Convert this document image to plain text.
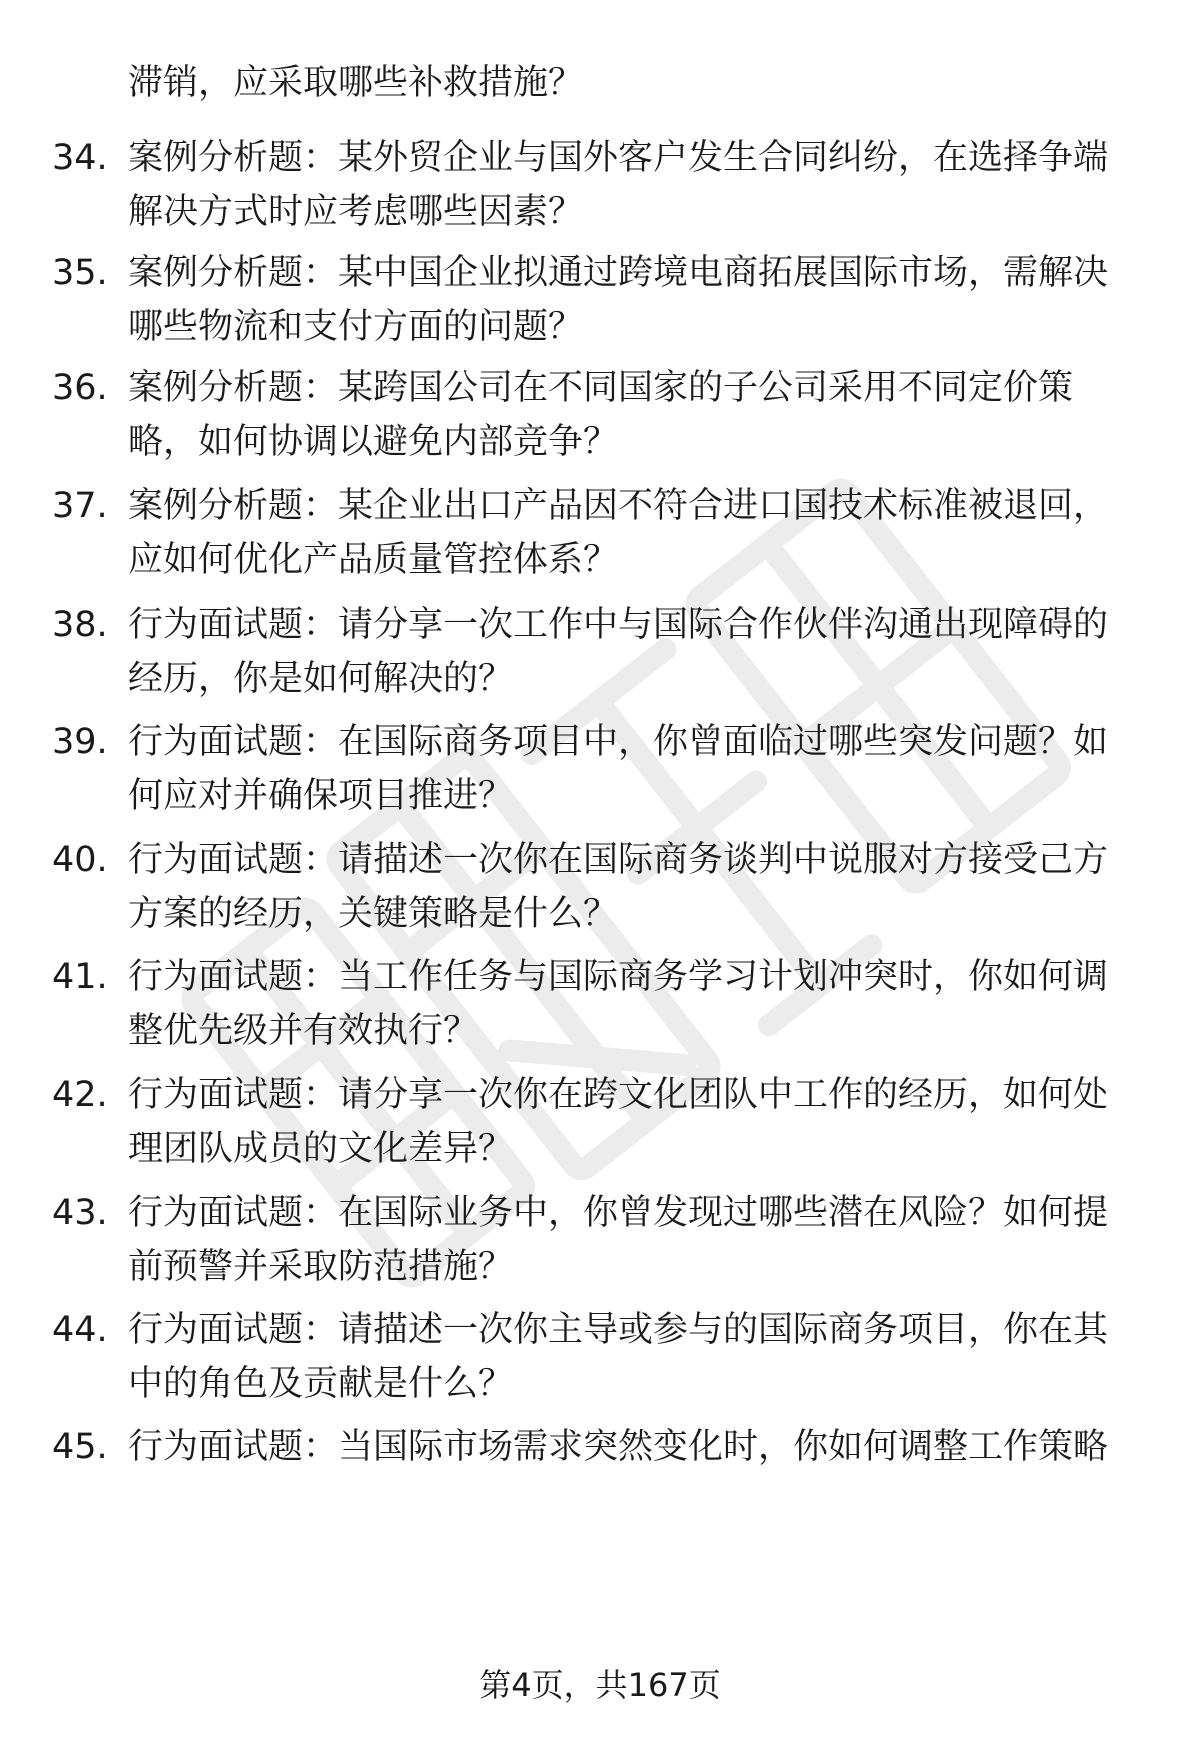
滞销，应采取哪些补救措施？
34. 案例分析题：某外贸企业与国外客户发生合同纠纷，在选择争端
解决方式时应考虑哪些因素？
35. 案例分析题：某中国企业拟通过跨境电商拓展国际市场，需解决
哪些物流和支付方面的问题？
36. 案例分析题：某跨国公司在不同国家的子公司采用不同定价策
略，如何协调以避免内部竞争？
37. 案例分析题：某企业出口产品因不符合进口国技术标准被退回，
应如何优化产品质量管控体系？
38. 行为面试题：请分享一次工作中与国际合作伙伴沟通出现障碍的
经历，你是如何解决的？
39. 行为面试题：在国际商务项目中，你曾面临过哪些突发问题？如
何应对并确保项目推进？
40. 行为面试题：请描述一次你在国际商务谈判中说服对方接受己方
方案的经历，关键策略是什么？
41. 行为面试题：当工作任务与国际商务学习计划冲突时，你如何调
整优先级并有效执行？
42. 行为面试题：请分享一次你在跨文化团队中工作的经历，如何处
理团队成员的文化差异？
43. 行为面试题：在国际业务中，你曾发现过哪些潜在风险？如何提
前预警并采取防范措施？
44. 行为面试题：请描述一次你主导或参与的国际商务项目，你在其
中的角色及贡献是什么？
45. 行为面试题：当国际市场需求突然变化时，你如何调整工作策略
第4页，共167页
